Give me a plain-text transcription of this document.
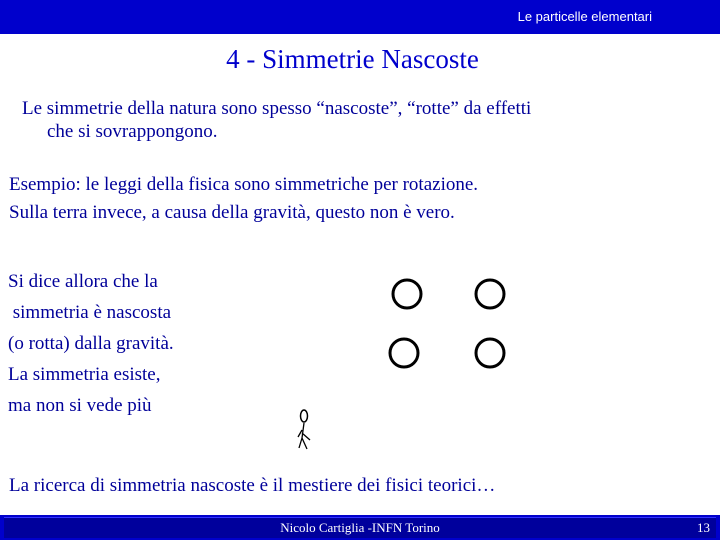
Le particelle elementari
4 - Simmetrie Nascoste
Le simmetrie della natura sono spesso “nascoste”, “rotte” da effetti
che si sovrappongono.
Esempio: le leggi della fisica sono simmetriche per rotazione.
Sulla terra invece, a causa della gravità, questo non è vero.
Si dice allora che la
simmetria è nascosta
(o rotta) dalla gravità.
La simmetria esiste,
ma non si vede più
La ricerca di simmetria nascoste è il mestiere dei fisici teorici…
Nicolo Cartiglia -INFN Torino	13
